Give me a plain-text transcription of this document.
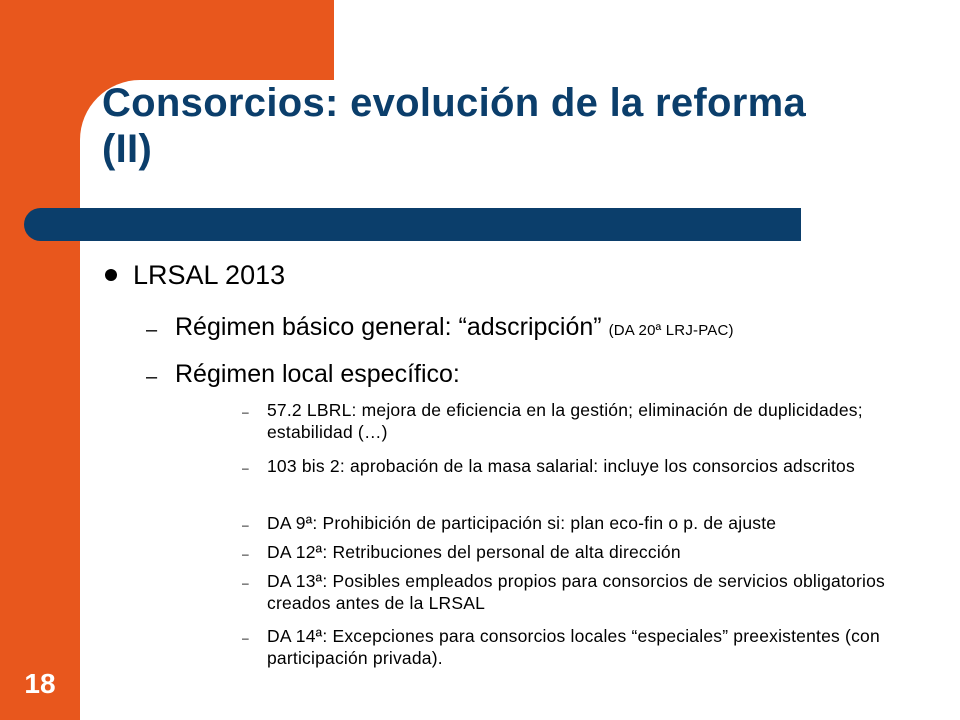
Consorcios: evolución de la reforma (II)
18
LRSAL 2013
– Régimen básico general: “adscripción” (DA 20ª LRJ-PAC)
– Régimen local específico:
– 57.2 LBRL: mejora de eficiencia en la gestión; eliminación de duplicidades; estabilidad (…)
– 103 bis 2: aprobación de la masa salarial: incluye los consorcios adscritos
– DA 9ª: Prohibición de participación si: plan eco-fin o p. de ajuste
– DA 12ª: Retribuciones del personal de alta dirección
– DA 13ª: Posibles empleados propios para consorcios de servicios obligatorios creados antes de la LRSAL
– DA 14ª: Excepciones para consorcios locales “especiales” preexistentes (con participación privada).
